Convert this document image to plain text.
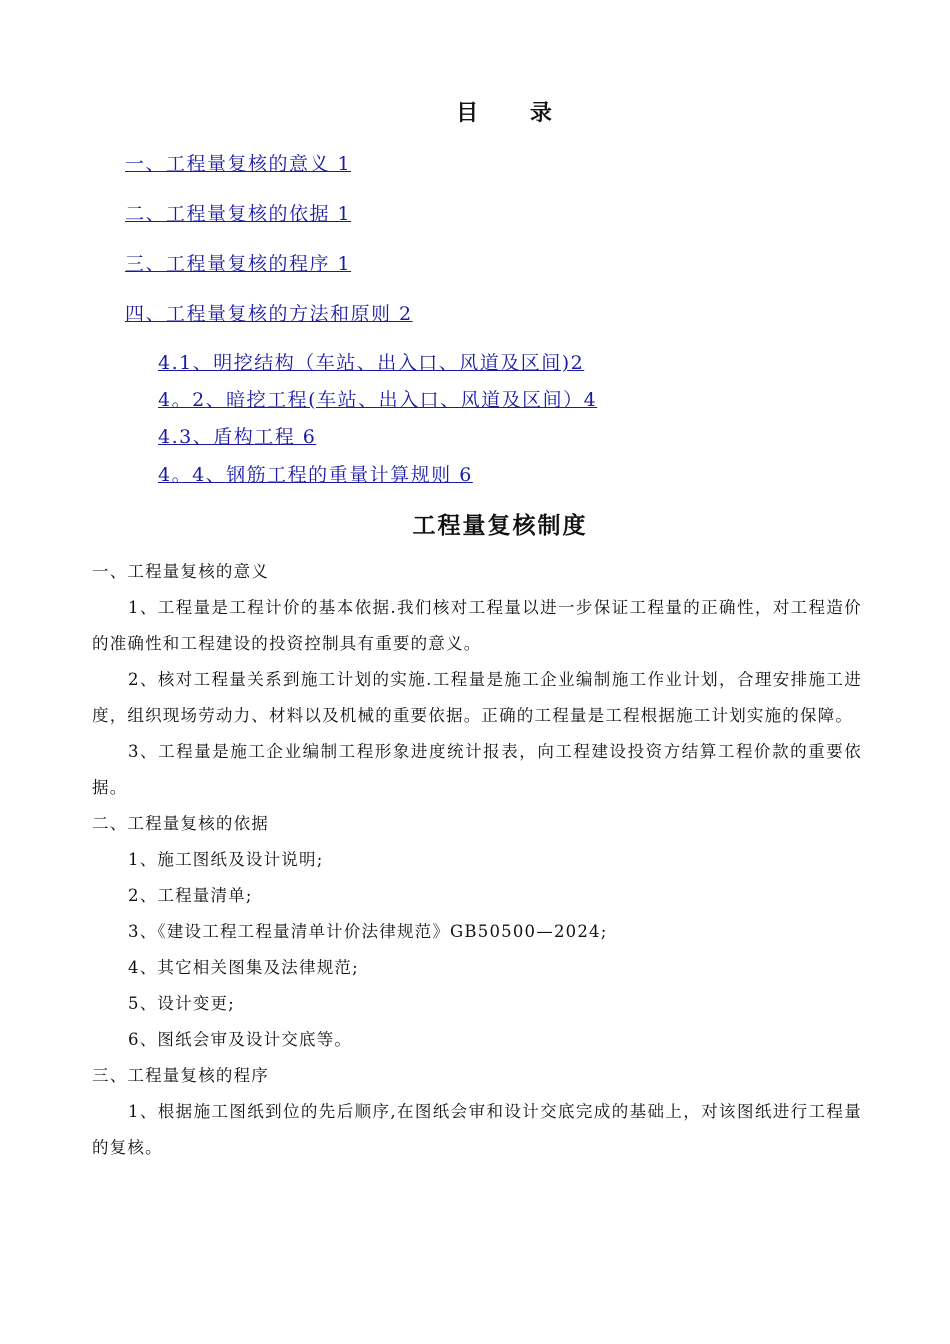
目 录
一、工程量复核的意义 1
二、工程量复核的依据 1
三、工程量复核的程序 1
四、工程量复核的方法和原则 2
4.1、明挖结构（车站、出入口、风道及区间)2
4。2、暗挖工程(车站、出入口、风道及区间）4
4.3、盾构工程 6
4。4、钢筋工程的重量计算规则 6
工程量复核制度

一、工程量复核的意义

1、工程量是工程计价的基本依据.我们核对工程量以进一步保证工程量的正确性，对工程造价的准确性和工程建设的投资控制具有重要的意义。

2、核对工程量关系到施工计划的实施.工程量是施工企业编制施工作业计划，合理安排施工进度，组织现场劳动力、材料以及机械的重要依据。正确的工程量是工程根据施工计划实施的保障。

3、工程量是施工企业编制工程形象进度统计报表，向工程建设投资方结算工程价款的重要依据。

二、工程量复核的依据

1、施工图纸及设计说明;

2、工程量清单;

3、《建设工程工程量清单计价法律规范》GB50500—2024;

4、其它相关图集及法律规范;

5、设计变更;

6、图纸会审及设计交底等。

三、工程量复核的程序

1、根据施工图纸到位的先后顺序,在图纸会审和设计交底完成的基础上，对该图纸进行工程量的复核。
